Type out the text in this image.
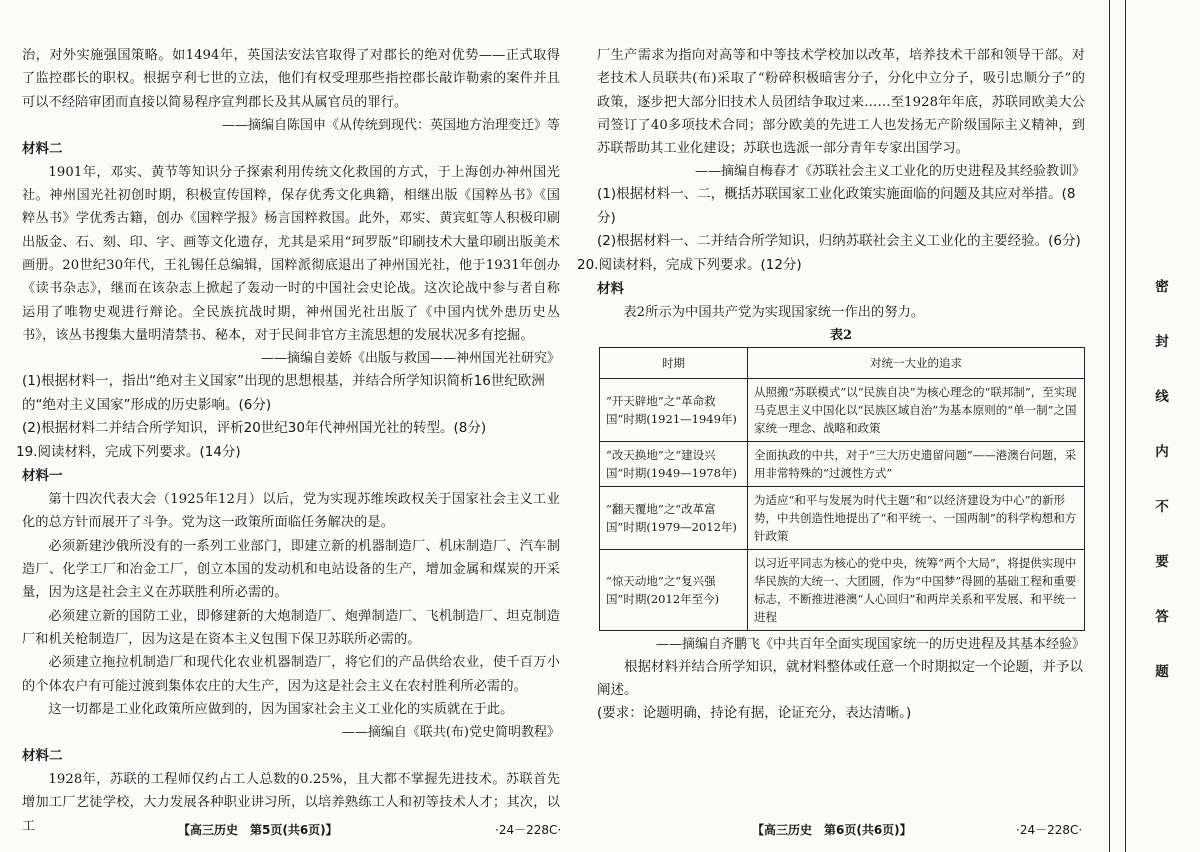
治，对外实施强国策略。如1494年，英国法安法官取得了对郡长的绝对优势——正式取得了监控郡长的职权。根据亨利七世的立法，他们有权受理那些指控郡长敲诈勒索的案件并且可以不经陪审团而直接以简易程序宣判郡长及其从属官员的罪行。

——摘编自陈国申《从传统到现代：英国地方治理变迁》等

材料二

1901年，邓实、黄节等知识分子探索利用传统文化救国的方式，于上海创办神州国光社。神州国光社初创时期，积极宣传国粹，保存优秀文化典籍，相继出版《国粹丛书》《国粹丛书》学优秀古籍，创办《国粹学报》杨言国粹救国。此外，邓实、黄宾虹等人积极印刷出版金、石、刻、印、字、画等文化遗存，尤其是采用“珂罗版”印刷技术大量印刷出版美术画册。20世纪30年代，王礼锡任总编辑，国粹派彻底退出了神州国光社，他于1931年创办《读书杂志》，继而在该杂志上掀起了轰动一时的中国社会史论战。这次论战中参与者自称运用了唯物史观进行辩论。全民族抗战时期，神州国光社出版了《中国内忧外患历史丛书》，该丛书搜集大量明清禁书、秘本，对于民间非官方主流思想的发展状况多有挖掘。

——摘编自姜娇《出版与救国——神州国光社研究》

(1)根据材料一，指出“绝对主义国家”出现的思想根基，并结合所学知识简析16世纪欧洲的“绝对主义国家”形成的历史影响。(6分)

(2)根据材料二并结合所学知识，评析20世纪30年代神州国光社的转型。(8分)

19.阅读材料，完成下列要求。(14分)

材料一

第十四次代表大会（1925年12月）以后，党为实现苏维埃政权关于国家社会主义工业化的总方针而展开了斗争。党为这一政策所面临任务解决的是。

必须新建沙俄所没有的一系列工业部门，即建立新的机器制造厂、机床制造厂、汽车制造厂、化学工厂和冶金工厂，创立本国的发动机和电站设备的生产，增加金属和煤炭的开采量，因为这是社会主义在苏联胜利所必需的。

必须建立新的国防工业，即修建新的大炮制造厂、炮弹制造厂、飞机制造厂、坦克制造厂和机关枪制造厂，因为这是在资本主义包围下保卫苏联所必需的。

必须建立拖拉机制造厂和现代化农业机器制造厂，将它们的产品供给农业，使千百万小的个体农户有可能过渡到集体农庄的大生产，因为这是社会主义在农村胜利所必需的。

这一切都是工业化政策所应做到的，因为国家社会主义工业化的实质就在于此。

——摘编自《联共(布)党史简明教程》

材料二

1928年，苏联的工程师仅约占工人总数的0.25%，且大都不掌握先进技术。苏联首先增加工厂艺徒学校，大力发展各种职业讲习所，以培养熟练工人和初等技术人才；其次，以工	【高三历史　第5页(共6页)】	·24－228C·

厂生产需求为指向对高等和中等技术学校加以改革，培养技术干部和领导干部。对老技术人员联共(布)采取了“粉碎积极暗害分子，分化中立分子，吸引忠顺分子”的政策，逐步把大部分旧技术人员团结争取过来……至1928年年底，苏联同欧美大公司签订了40多项技术合同；部分欧美的先进工人也发扬无产阶级国际主义精神，到苏联帮助其工业化建设；苏联也选派一部分青年专家出国学习。

——摘编自梅春才《苏联社会主义工业化的历史进程及其经验教训》

(1)根据材料一、二，概括苏联国家工业化政策实施面临的问题及其应对举措。(8分)

(2)根据材料一、二并结合所学知识，归纳苏联社会主义工业化的主要经验。(6分)

20.阅读材料，完成下列要求。(12分)

材料

表2所示为中国共产党为实现国家统一作出的努力。

表2

时期	对统一大业的追求
“开天辟地”之“革命救国”时期(1921—1949年)	从照搬“苏联模式”以“民族自决”为核心理念的“联邦制”，至实现马克思主义中国化以“民族区域自治”为基本原则的“单一制”之国家统一理念、战略和政策
“改天换地”之“建设兴国”时期(1949—1978年)	全面执政的中共，对于“三大历史遗留问题”——港澳台问题，采用非常特殊的“过渡性方式”
“翻天覆地”之“改革富国”时期(1979—2012年)	为适应“和平与发展为时代主题”和“以经济建设为中心”的新形势，中共创造性地提出了“和平统一、一国两制”的科学构想和方针政策
“惊天动地”之“复兴强国”时期(2012年至今)	以习近平同志为核心的党中央，统筹“两个大局”，将提供实现中华民族的大统一、大团圆，作为“中国梦”得圆的基础工程和重要标志，不断推进港澳“人心回归”和两岸关系和平发展、和平统一进程

——摘编自齐鹏飞《中共百年全面实现国家统一的历史进程及其基本经验》

根据材料并结合所学知识，就材料整体或任意一个时期拟定一个论题，并予以阐述。

(要求：论题明确，持论有据，论证充分，表达清晰。)

【高三历史　第6页(共6页)】	·24－228C·
密
封
线
内
不
要
答
题
